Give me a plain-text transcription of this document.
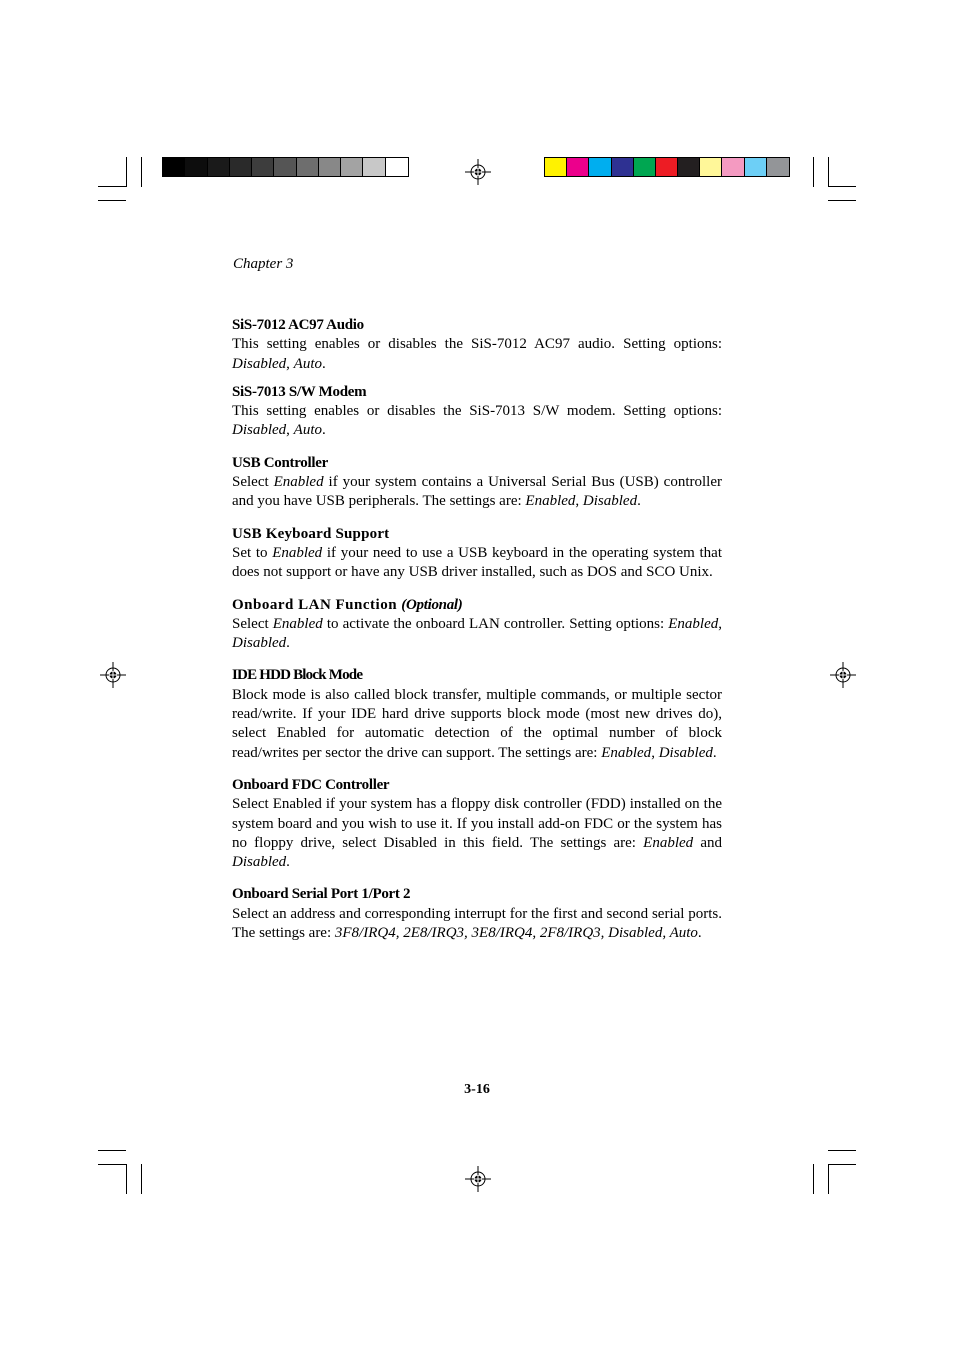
Chapter 3
SiS-7012 AC97 Audio
This setting enables or disables the SiS-7012 AC97 audio. Setting options: Disabled, Auto.
SiS-7013 S/W Modem
This setting enables or disables the SiS-7013 S/W modem. Setting options: Disabled, Auto.
USB Controller
Select Enabled if your system contains a Universal Serial Bus (USB) controller and you have USB peripherals. The settings are: Enabled, Disabled.
USB Keyboard Support
Set to Enabled if your need to use a USB keyboard in the operating system that does not support or have any USB driver installed, such as DOS and SCO Unix.
Onboard LAN Function (Optional)
Select Enabled to activate the onboard LAN controller. Setting options: Enabled, Disabled.
IDE HDD Block Mode
Block mode is also called block transfer, multiple commands, or multiple sector read/write. If your IDE hard drive supports block mode (most new drives do), select Enabled for automatic detection of the optimal number of block read/writes per sector the drive can support. The settings are: Enabled, Disabled.
Onboard FDC Controller
Select Enabled if your system has a floppy disk controller (FDD) installed on the system board and you wish to use it. If you install add-on FDC or the system has no floppy drive, select Disabled in this field. The settings are: Enabled and Disabled.
Onboard Serial Port 1/Port 2
Select an address and corresponding interrupt for the first and second serial ports. The settings are: 3F8/IRQ4, 2E8/IRQ3, 3E8/IRQ4, 2F8/IRQ3, Disabled, Auto.
3-16
